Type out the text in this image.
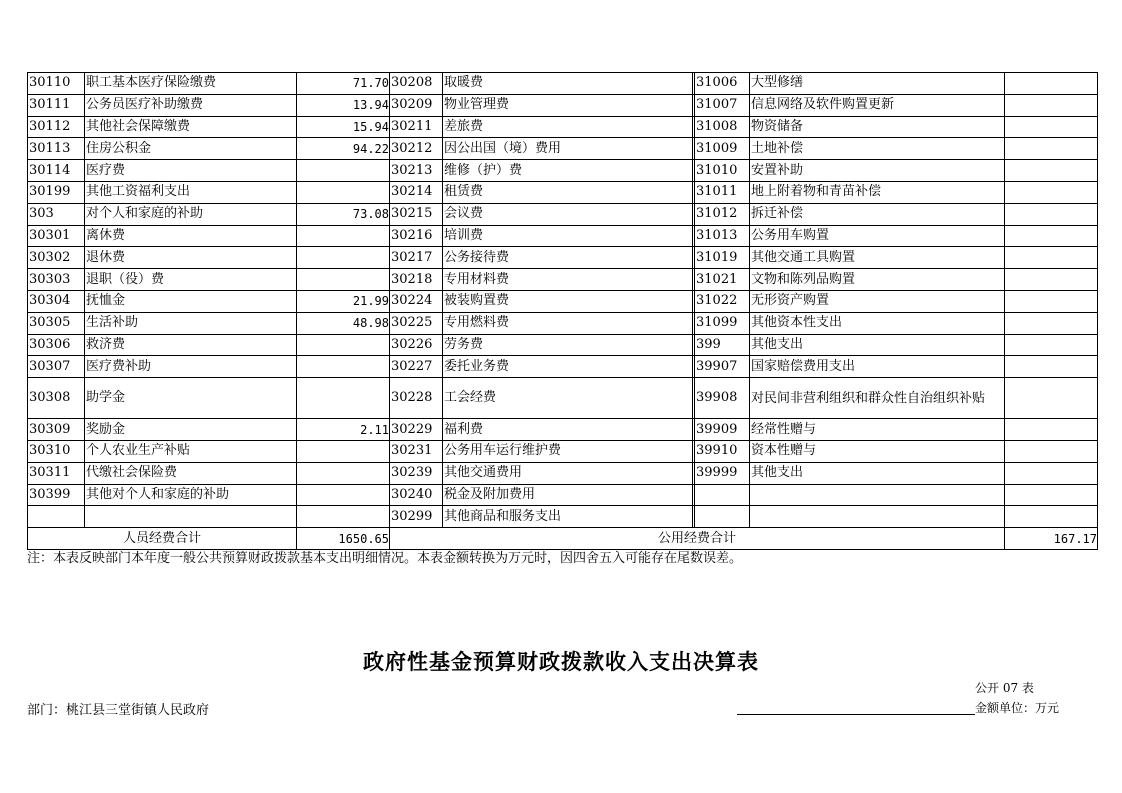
30110	职工基本医疗保险缴费	71.70	30208	取暖费		31006	大型修缮	
30111	公务员医疗补助缴费	13.94	30209	物业管理费		31007	信息网络及软件购置更新	
30112	其他社会保障缴费	15.94	30211	差旅费		31008	物资储备	
30113	住房公积金	94.22	30212	因公出国（境）费用		31009	土地补偿	
30114	医疗费		30213	维修（护）费		31010	安置补助	
30199	其他工资福利支出		30214	租赁费		31011	地上附着物和青苗补偿	
303	对个人和家庭的补助	73.08	30215	会议费		31012	拆迁补偿	
30301	离休费		30216	培训费		31013	公务用车购置	
30302	退休费		30217	公务接待费		31019	其他交通工具购置	
30303	退职（役）费		30218	专用材料费		31021	文物和陈列品购置	
30304	抚恤金	21.99	30224	被装购置费		31022	无形资产购置	
30305	生活补助	48.98	30225	专用燃料费		31099	其他资本性支出	
30306	救济费		30226	劳务费		399	其他支出	
30307	医疗费补助		30227	委托业务费		39907	国家赔偿费用支出	
30308	助学金		30228	工会经费		39908	对民间非营利组织和群众性自治组织补贴	
30309	奖励金	2.11	30229	福利费		39909	经常性赠与	
30310	个人农业生产补贴		30231	公务用车运行维护费		39910	资本性赠与	
30311	代缴社会保险费		30239	其他交通费用		39999	其他支出	
30399	其他对个人和家庭的补助		30240	税金及附加费用				
			30299	其他商品和服务支出				
人员经费合计		1650.65	公用经费合计					167.17
注：本表反映部门本年度一般公共预算财政拨款基本支出明细情况。本表金额转换为万元时，因四舍五入可能存在尾数误差。
政府性基金预算财政拨款收入支出决算表
公开 07 表
部门：桃江县三堂街镇人民政府	金额单位：万元
